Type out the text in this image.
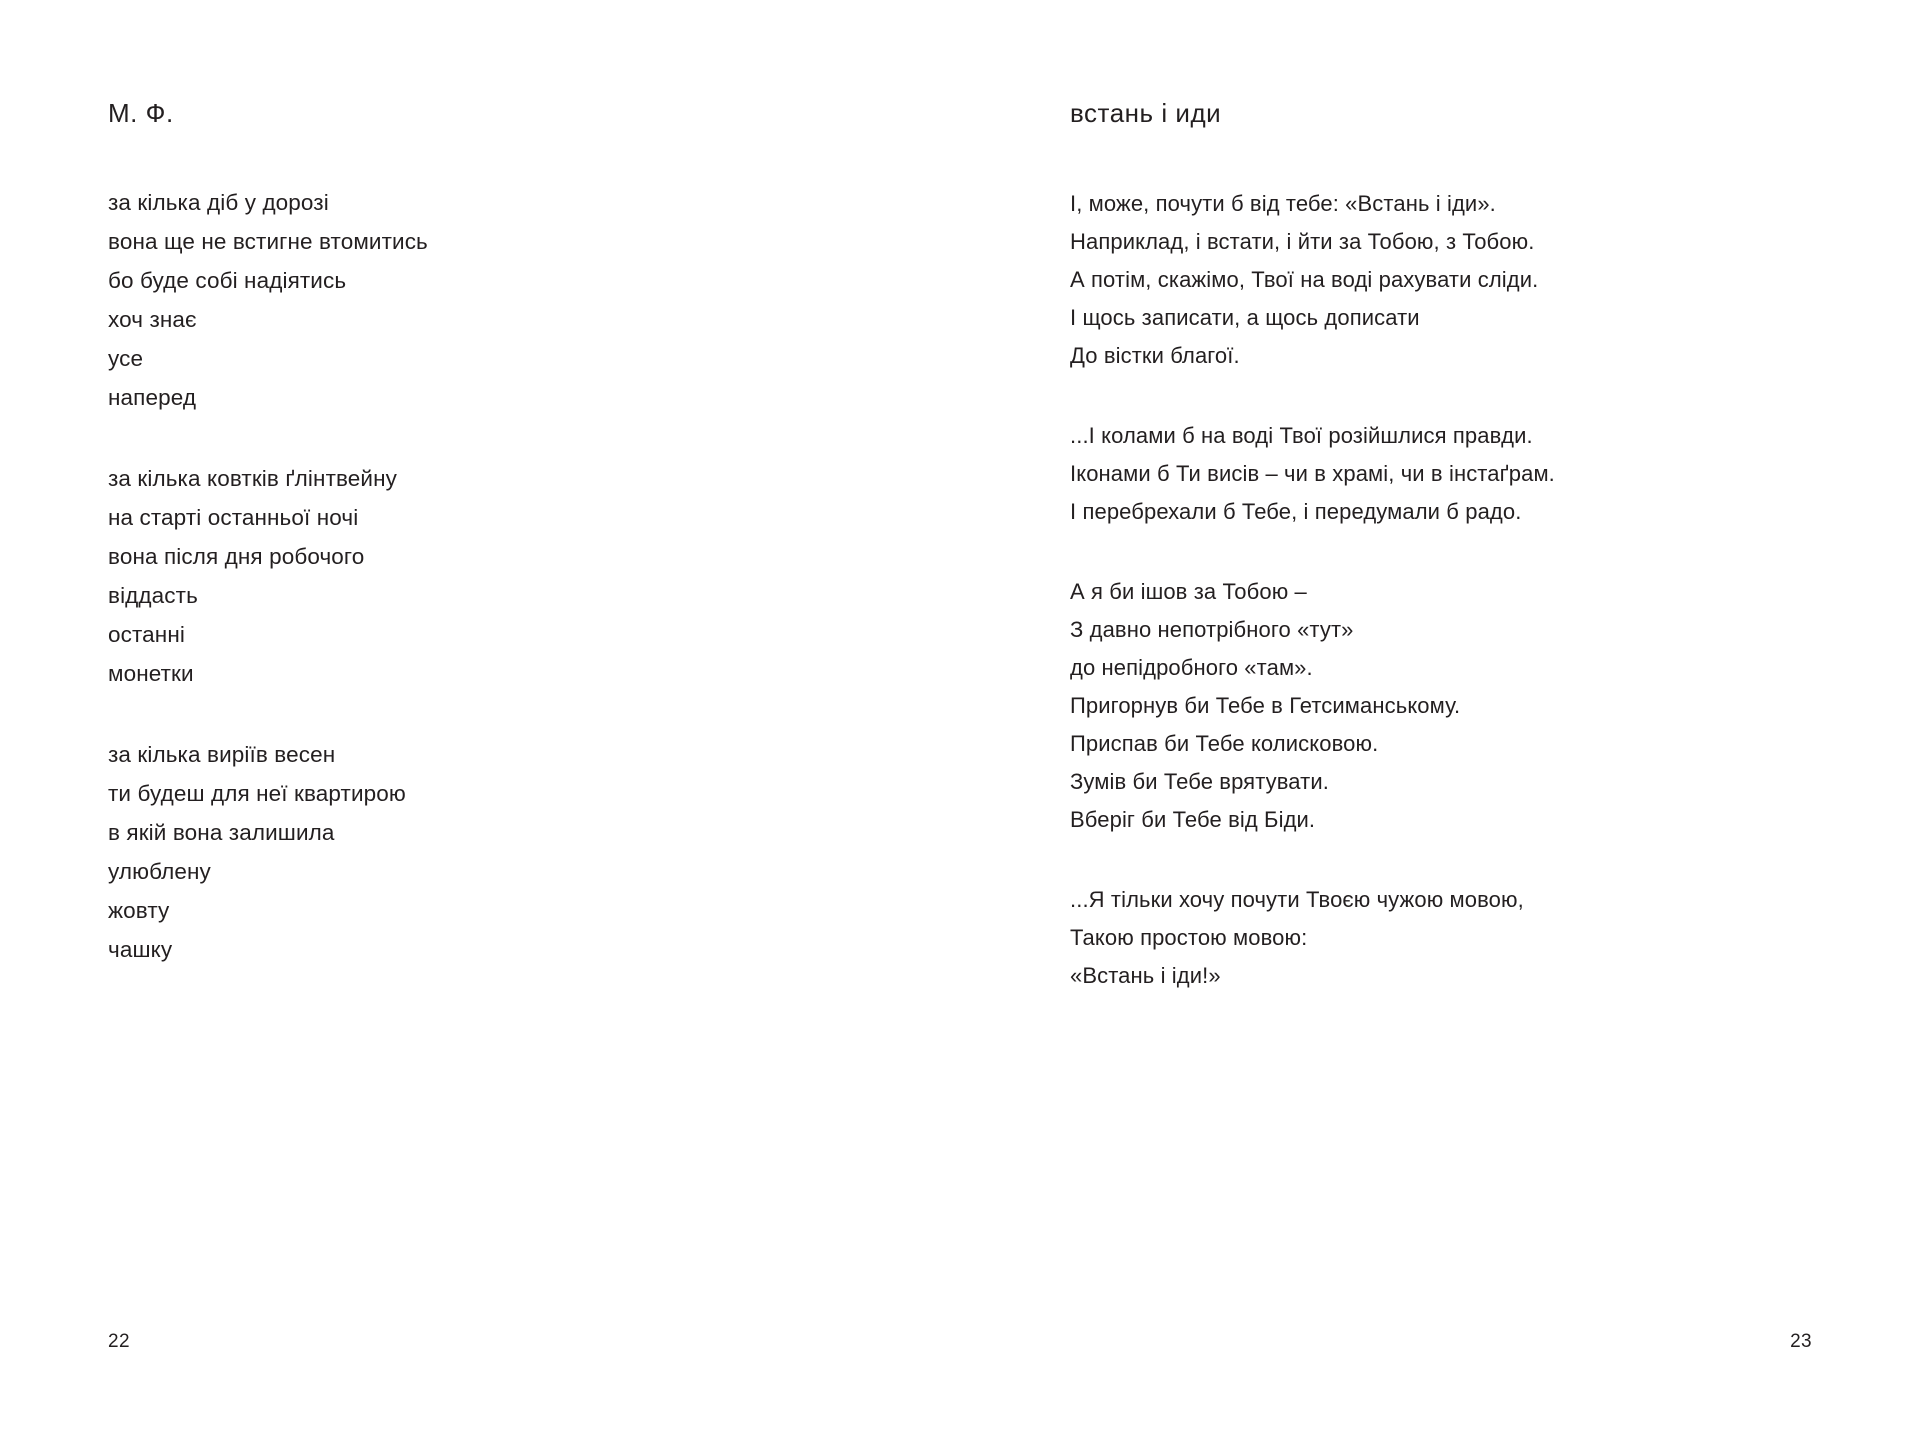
М. Ф.
за кілька діб у дорозі
вона ще не встигне втомитись
бо буде собі надіятись
хоч знає
усе
наперед
за кілька ковтків ґлінтвейну
на старті останньої ночі
вона після дня робочого
віддасть
останні
монетки
за кілька виріїв весен
ти будеш для неї квартирою
в якій вона залишила
улюблену
жовту
чашку
22
встань і иди
І, може, почути б від тебе: «Встань і іди».
Наприклад, і встати, і йти за Тобою, з Тобою.
А потім, скажімо, Твої на воді рахувати сліди.
І щось записати, а щось дописати
До вістки благої.
...І колами б на воді Твої розійшлися правди.
Іконами б Ти висів – чи в храмі, чи в інстаґрам.
І перебрехали б Тебе, і передумали б радо.
А я би ішов за Тобою –
З давно непотрібного «тут»
до непідробного «там».
Пригорнув би Тебе в Гетсиманському.
Приспав би Тебе колисковою.
Зумів би Тебе врятувати.
Вберіг би Тебе від Біди.
...Я тільки хочу почути Твоєю чужою мовою,
Такою простою мовою:
«Встань і іди!»
23
